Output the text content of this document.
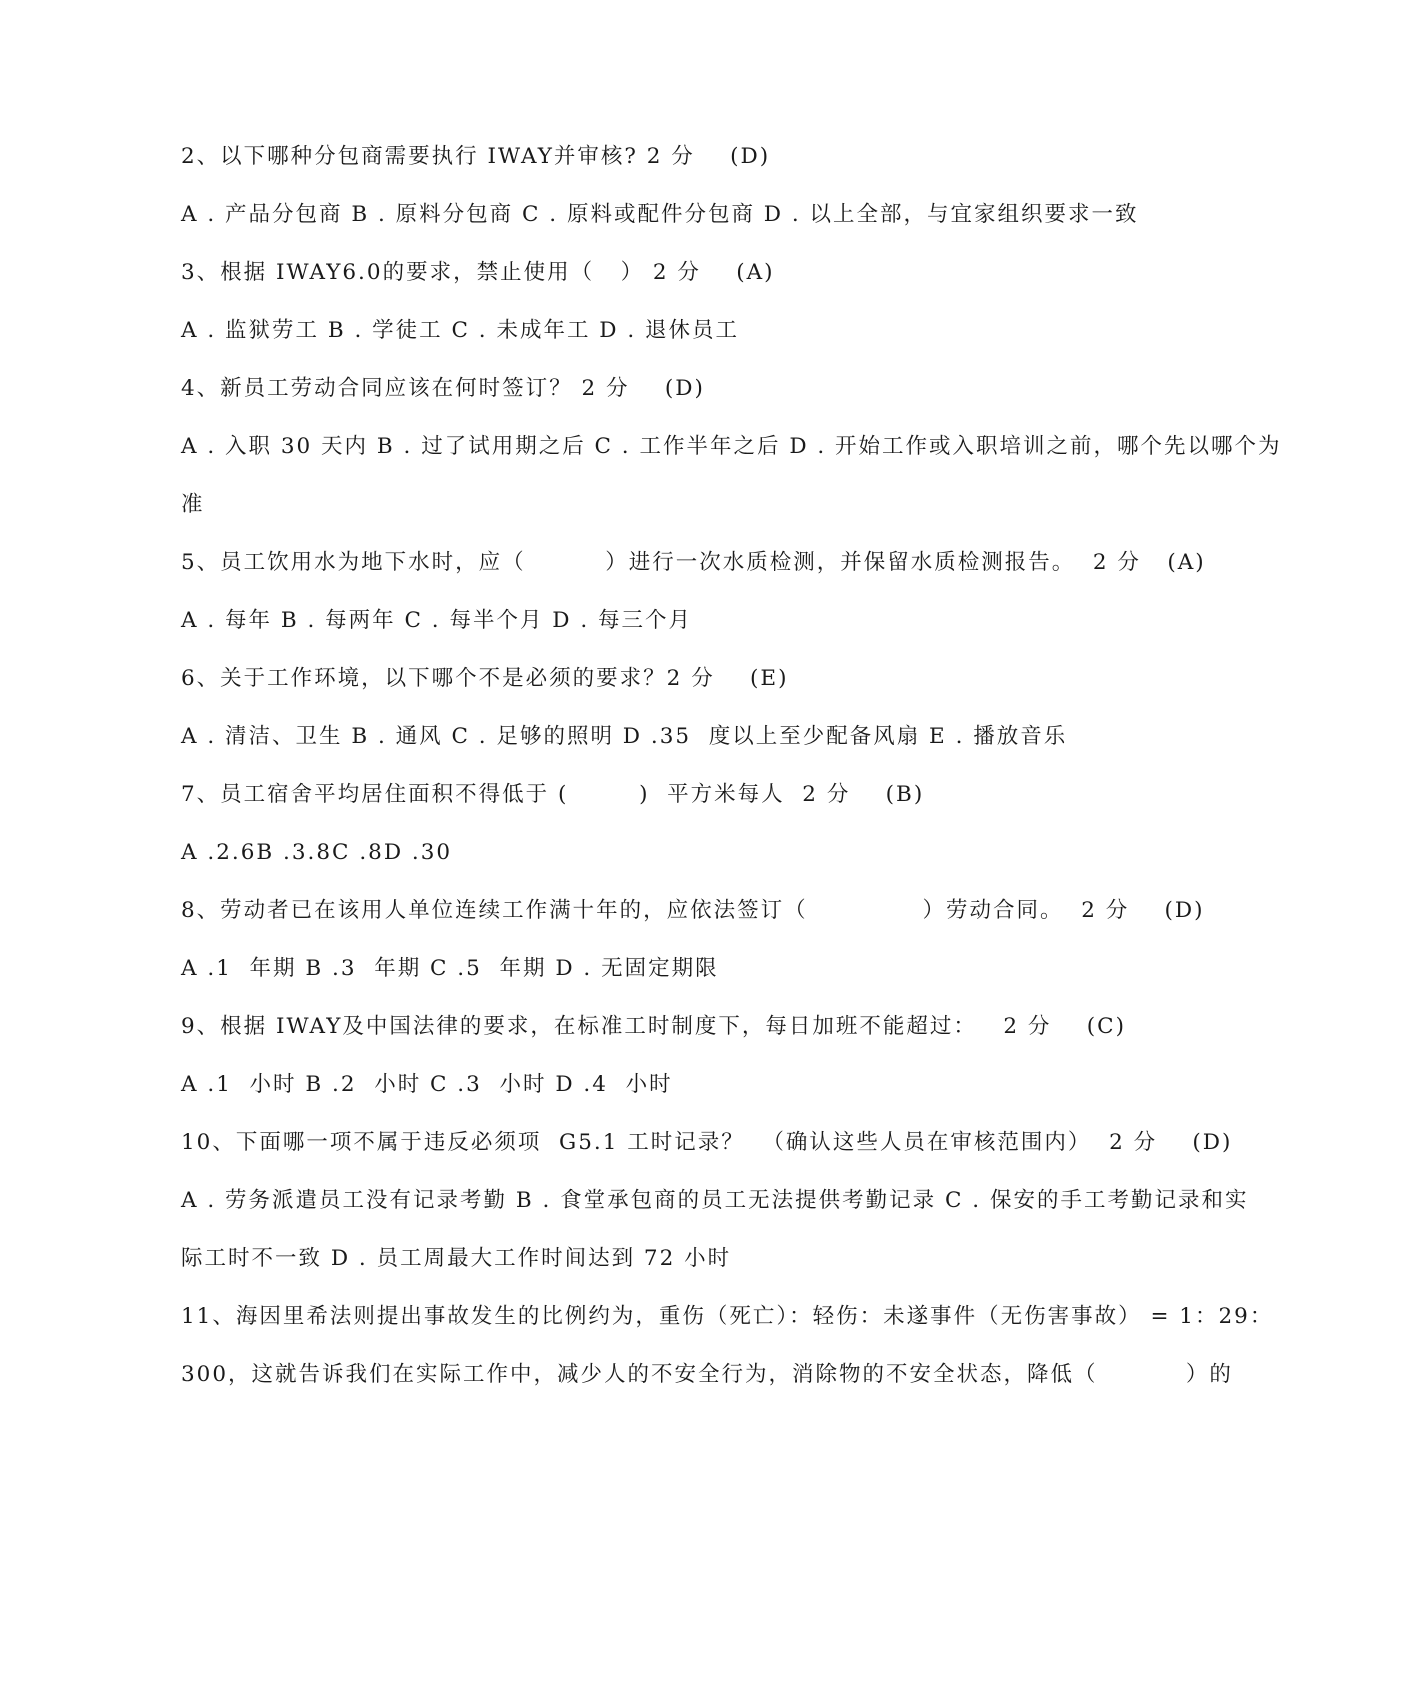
2、以下哪种分包商需要执行 IWAY并审核? 2 分    (D)
A . 产品分包商 B . 原料分包商 C . 原料或配件分包商 D . 以上全部，与宜家组织要求一致
3、根据 IWAY6.0的要求，禁止使用（   ） 2 分    (A)
A . 监狱劳工 B . 学徒工 C . 未成年工 D . 退休员工
4、新员工劳动合同应该在何时签订？ 2 分    (D)
A . 入职 30 天内 B . 过了试用期之后 C . 工作半年之后 D . 开始工作或入职培训之前，哪个先以哪个为
准
5、员工饮用水为地下水时，应（         ）进行一次水质检测，并保留水质检测报告。  2 分   (A)
A . 每年 B . 每两年 C . 每半个月 D . 每三个月
6、关于工作环境，以下哪个不是必须的要求？2 分    (E)
A . 清洁、卫生 B . 通风 C . 足够的照明 D .35  度以上至少配备风扇 E . 播放音乐
7、员工宿舍平均居住面积不得低于 (        )  平方米每人  2 分    (B)
A .2.6B .3.8C .8D .30
8、劳动者已在该用人单位连续工作满十年的，应依法签订（             ）劳动合同。  2 分    (D)
A .1  年期 B .3  年期 C .5  年期 D . 无固定期限
9、根据 IWAY及中国法律的要求，在标准工时制度下，每日加班不能超过：   2 分    (C)
A .1  小时 B .2  小时 C .3  小时 D .4  小时
10、下面哪一项不属于违反必须项  G5.1 工时记录？  （确认这些人员在审核范围内）  2 分    (D)
A . 劳务派遣员工没有记录考勤 B . 食堂承包商的员工无法提供考勤记录 C . 保安的手工考勤记录和实
际工时不一致 D . 员工周最大工作时间达到 72 小时
11、海因里希法则提出事故发生的比例约为，重伤（死亡）：轻伤：未遂事件（无伤害事故） = 1：29：
300，这就告诉我们在实际工作中，减少人的不安全行为，消除物的不安全状态，降低（          ）的
